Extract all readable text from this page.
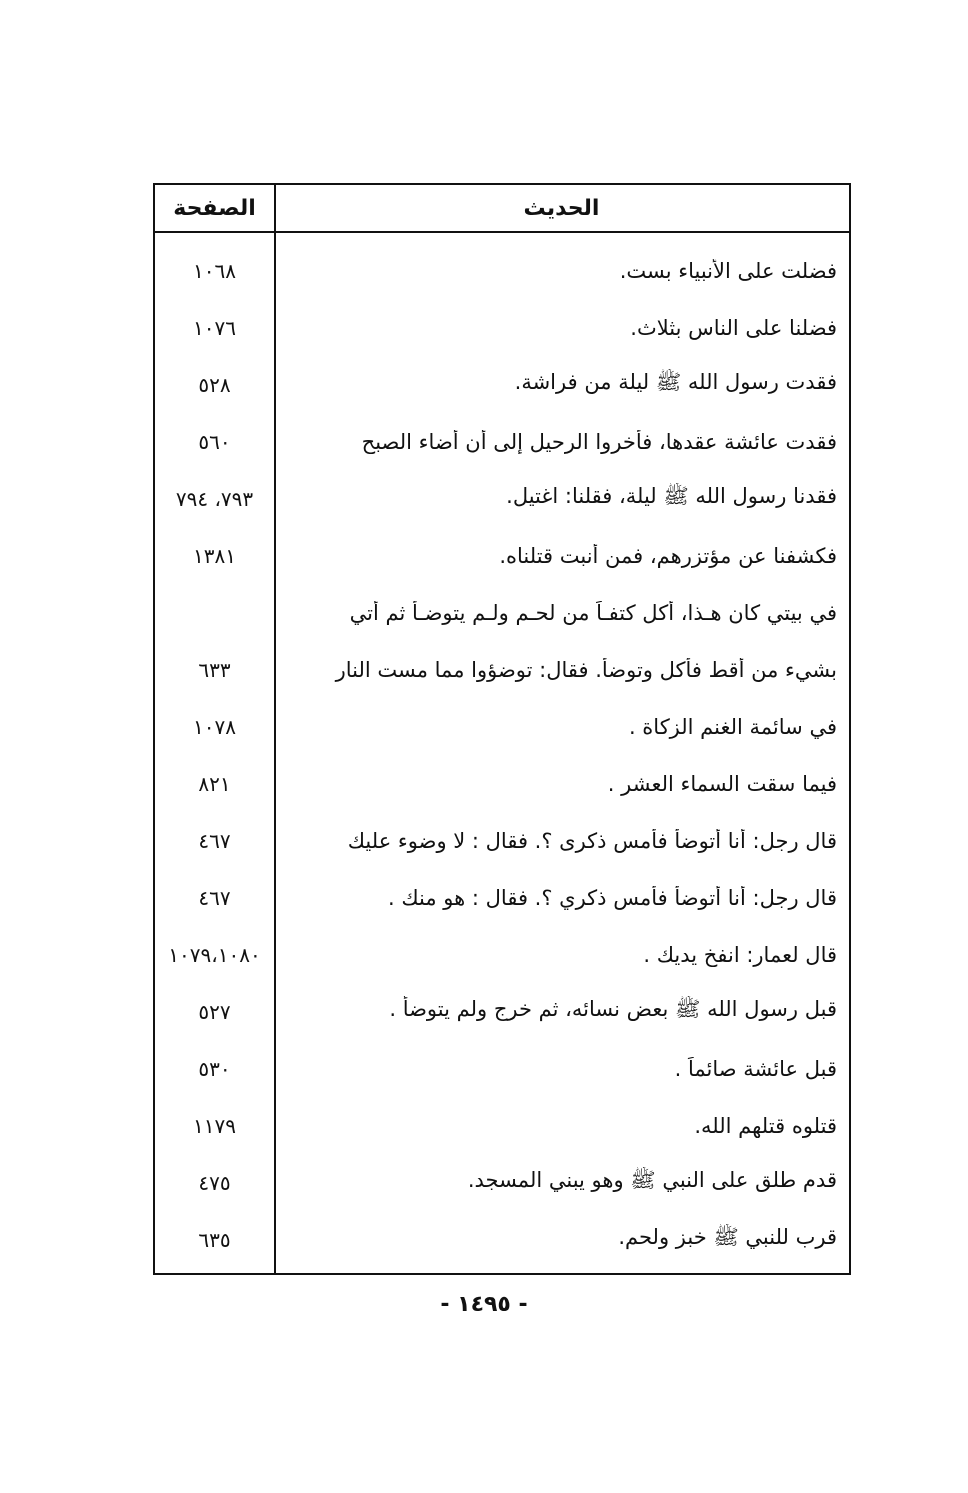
الحديث
الصفحة
فضلت على الأنبياء بست.
١٠٦٨
فضلنا على الناس بثلاث.
١٠٧٦
فقدت رسول الله ﷺ ليلة من فراشة.
٥٢٨
فقدت عائشة عقدها، فأخروا الرحيل إلى أن أضاء الصبح
٥٦٠
فقدنا رسول الله ﷺ ليلة، فقلنا: اغتيل.
٧٩٣، ٧٩٤
فكشفنا عن مؤتزرهم، فمن أنبت قتلناه.
١٣٨١
في بيتي كان هـذا، أكل كتفـاً من لحـم ولـم يتوضـأ ثم أتي
بشيء من أقط فأكل وتوضأ. فقال: توضؤوا مما مست النار
٦٣٣
في سائمة الغنم الزكاة .
١٠٧٨
فيما سقت السماء العشر .
٨٢١
قال رجل: أنا أتوضأ فأمس ذكرى ؟. فقال : لا وضوء عليك
٤٦٧
قال رجل: أنا أتوضأ فأمس ذكري ؟. فقال : هو منك .
٤٦٧
قال لعمار: انفخ يديك .
١٠٧٩،١٠٨٠
قبل رسول الله ﷺ بعض نسائه، ثم خرج ولم يتوضأ .
٥٢٧
قبل عائشة صائماً .
٥٣٠
قتلوه قتلهم الله.
١١٧٩
قدم طلق على النبي ﷺ وهو يبني المسجد.
٤٧٥
قرب للنبي ﷺ خبز ولحم.
٦٣٥
- ١٤٩٥ -
